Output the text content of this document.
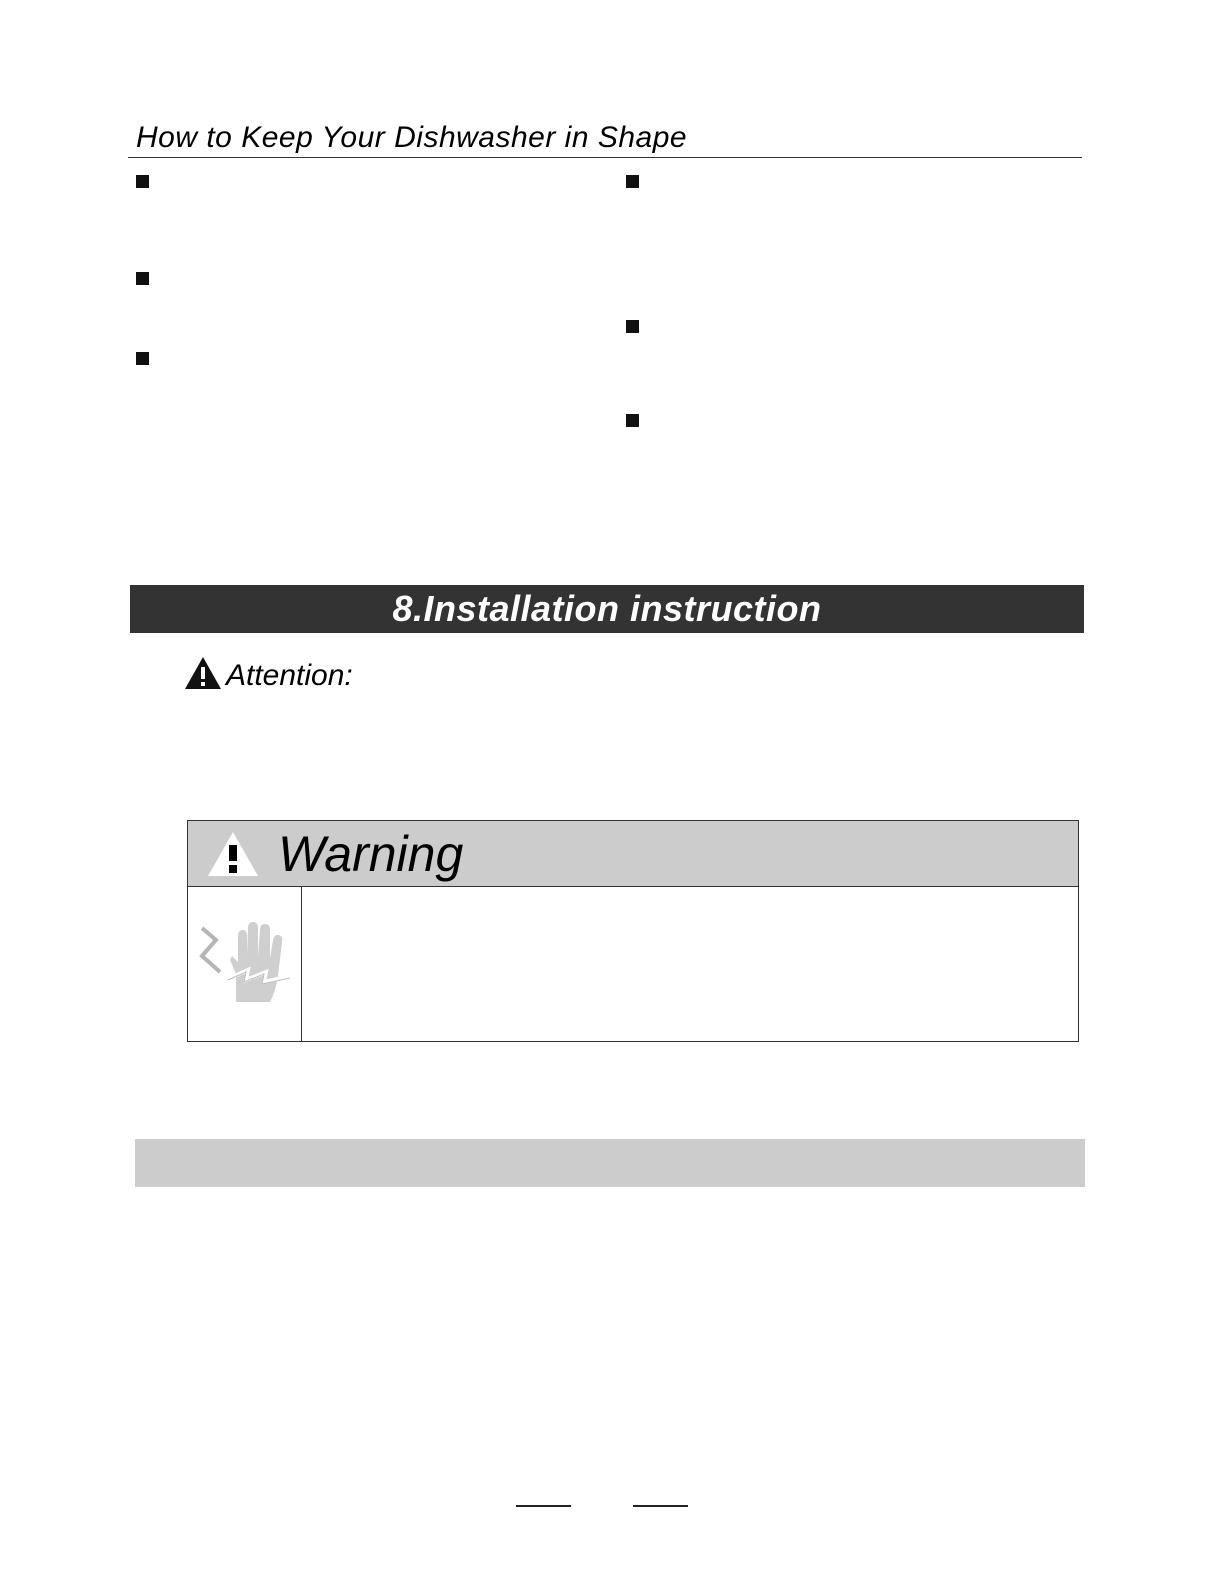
How to Keep Your Dishwasher in Shape
8.Installation instruction
Attention:
Warning
